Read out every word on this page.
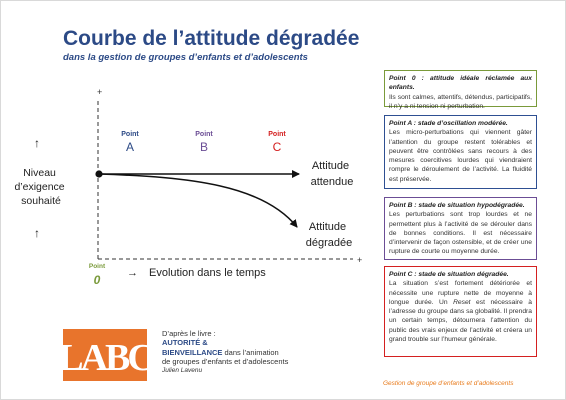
Courbe de l’attitude dégradée
dans la gestion de groupes d’enfants et d’adolescents
+
+
↑
↑
Niveau d’exigence souhaité
Point
A
Point
B
Point
C
Attitude attendue
Attitude dégradée
Point
0 → Evolution dans le temps
Point 0 : attitude idéale réclamée aux enfants.
Ils sont calmes, attentifs, détendus, participatifs, il n’y a ni tension ni perturbation.
Point A : stade d’oscillation modérée.
Les micro-perturbations qui viennent gâter l’attention du groupe restent tolérables et peuvent être contrôlées sans recours à des mesures coercitives lourdes qui viendraient rompre le déroulement de l’activité. La fluidité est préservée.
Point B : stade de situation hypodégradée.
Les perturbations sont trop lourdes et ne permettent plus à l’activité de se dérouler dans de bonnes conditions. Il est nécessaire d’intervenir de façon ostensible, et de créer une rupture de courte ou moyenne durée.
Point C : stade de situation dégradée.
La situation s’est fortement détériorée et nécessite une rupture nette de moyenne à longue durée. Un Reset est nécessaire à l’adresse du groupe dans sa globalité. Il prendra un certain temps, détournera l’attention du public des vrais enjeux de l’activité et créera un grand trouble sur l’humeur générale.
LABC
D’après le livre :
AUTORITÉ &
BIENVEILLANCE dans l’animation
de groupes d’enfants et d’adolescents
Julien Lavenu
Gestion de groupe d’enfants et d’adolescents
